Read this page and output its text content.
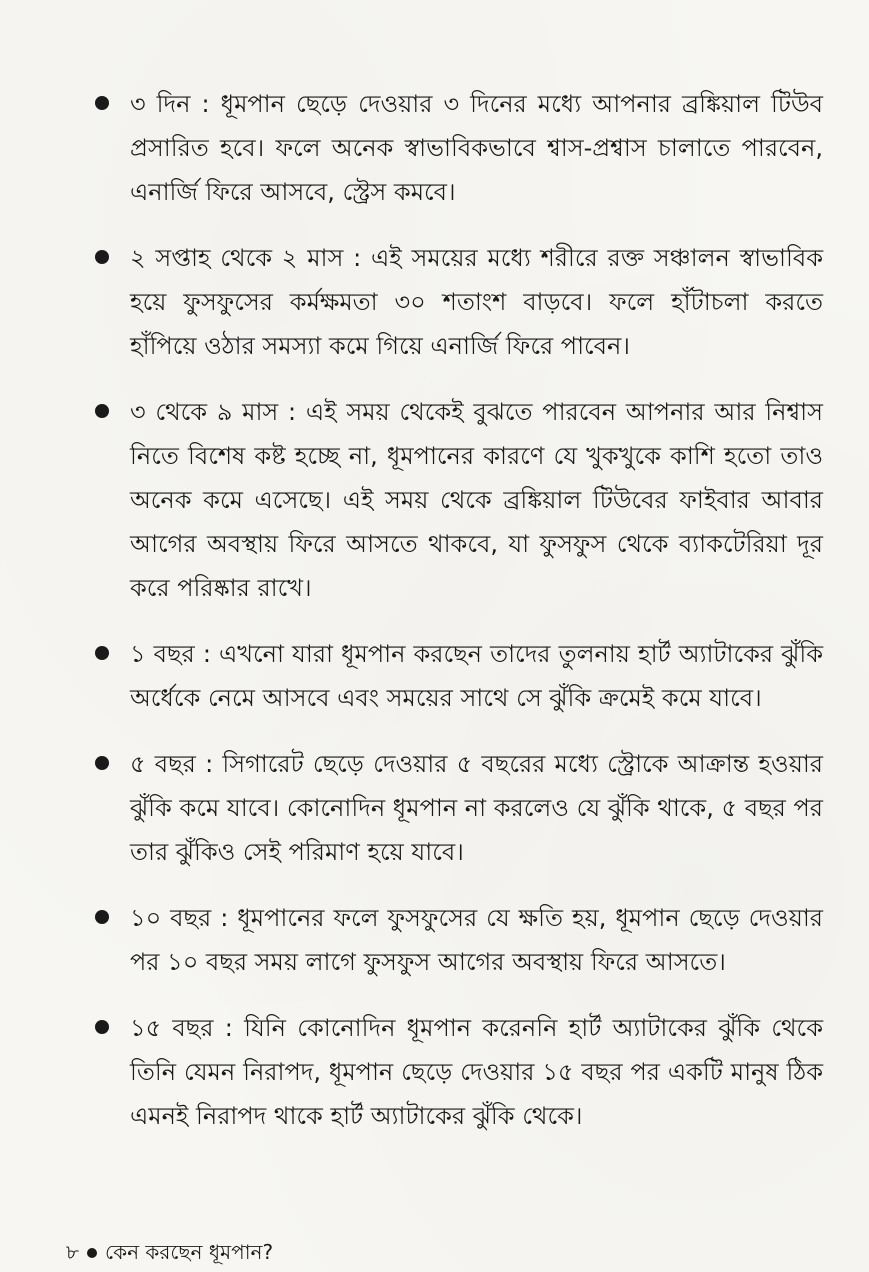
৩ দিন : ধূমপান ছেড়ে দেওয়ার ৩ দিনের মধ্যে আপনার ব্রঙ্কিয়াল টিউব প্রসারিত হবে। ফলে অনেক স্বাভাবিকভাবে শ্বাস-প্রশ্বাস চালাতে পারবেন, এনার্জি ফিরে আসবে, স্ট্রেস কমবে।
২ সপ্তাহ থেকে ২ মাস : এই সময়ের মধ্যে শরীরে রক্ত সঞ্চালন স্বাভাবিক হয়ে ফুসফুসের কর্মক্ষমতা ৩০ শতাংশ বাড়বে। ফলে হাঁটাচলা করতে হাঁপিয়ে ওঠার সমস্যা কমে গিয়ে এনার্জি ফিরে পাবেন।
৩ থেকে ৯ মাস : এই সময় থেকেই বুঝতে পারবেন আপনার আর নিশ্বাস নিতে বিশেষ কষ্ট হচ্ছে না, ধূমপানের কারণে যে খুকখুকে কাশি হতো তাও অনেক কমে এসেছে। এই সময় থেকে ব্রঙ্কিয়াল টিউবের ফাইবার আবার আগের অবস্থায় ফিরে আসতে থাকবে, যা ফুসফুস থেকে ব্যাকটেরিয়া দূর করে পরিষ্কার রাখে।
১ বছর : এখনো যারা ধূমপান করছেন তাদের তুলনায় হার্ট অ্যাটাকের ঝুঁকি অর্ধেকে নেমে আসবে এবং সময়ের সাথে সে ঝুঁকি ক্রমেই কমে যাবে।
৫ বছর : সিগারেট ছেড়ে দেওয়ার ৫ বছরের মধ্যে স্ট্রোকে আক্রান্ত হওয়ার ঝুঁকি কমে যাবে। কোনোদিন ধূমপান না করলেও যে ঝুঁকি থাকে, ৫ বছর পর তার ঝুঁকিও সেই পরিমাণ হয়ে যাবে।
১০ বছর : ধূমপানের ফলে ফুসফুসের যে ক্ষতি হয়, ধূমপান ছেড়ে দেওয়ার পর ১০ বছর সময় লাগে ফুসফুস আগের অবস্থায় ফিরে আসতে।
১৫ বছর : যিনি কোনোদিন ধূমপান করেননি হার্ট অ্যাটাকের ঝুঁকি থেকে তিনি যেমন নিরাপদ, ধূমপান ছেড়ে দেওয়ার ১৫ বছর পর একটি মানুষ ঠিক এমনই নিরাপদ থাকে হার্ট অ্যাটাকের ঝুঁকি থেকে।
৮ কেন করছেন ধূমপান?
